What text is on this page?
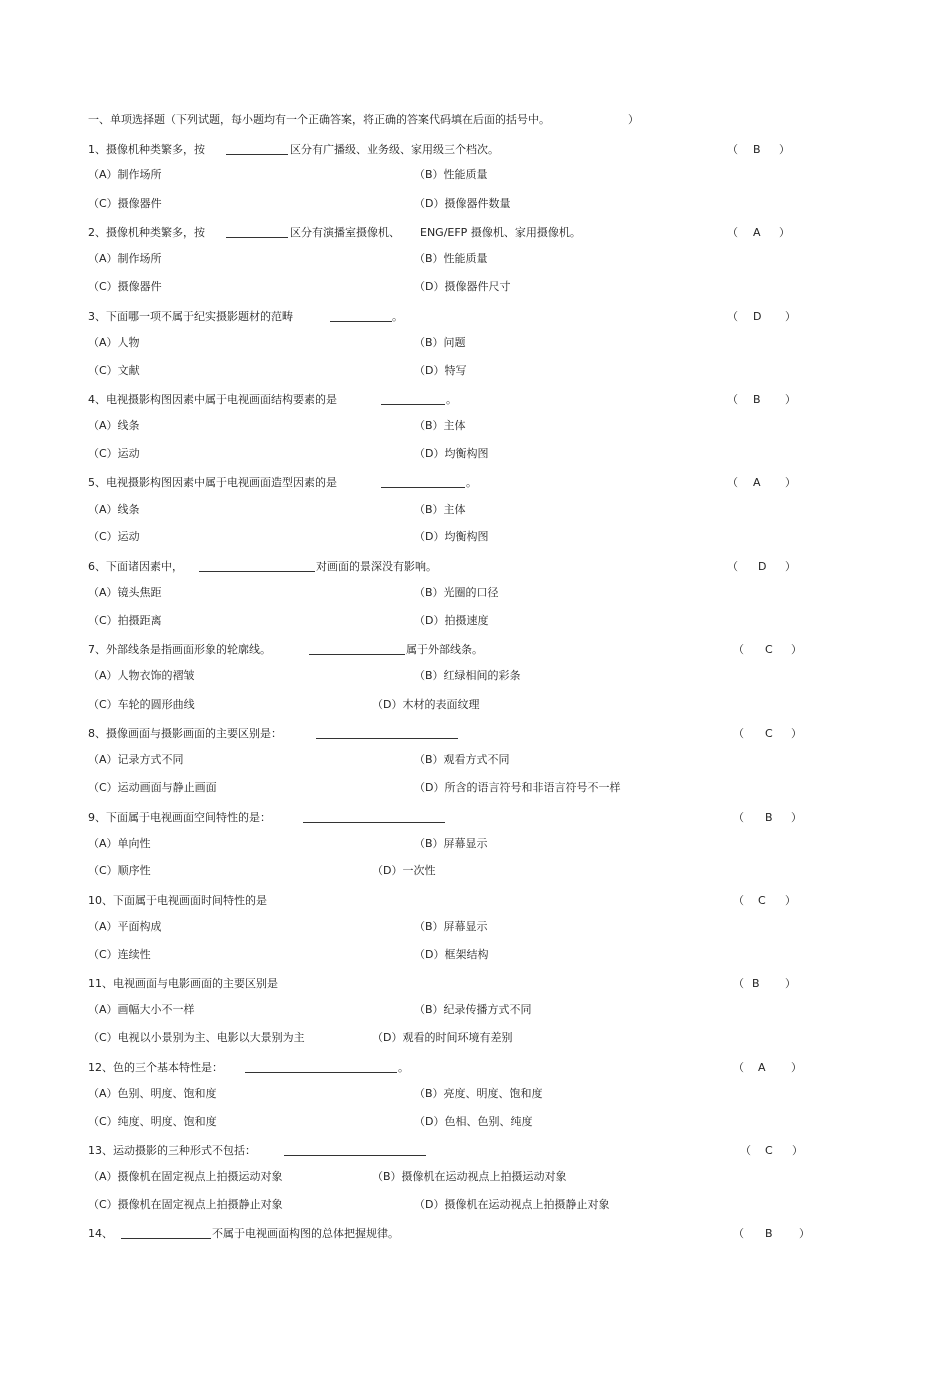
一、单项选择题（下列试题，每小题均有一个正确答案，将正确的答案代码填在后面的括号中。	）
1、摄像机种类繁多，按	区分有广播级、业务级、家用级三个档次。	（ B ）
（A）制作场所	（B）性能质量
（C）摄像器件	（D）摄像器件数量
2、摄像机种类繁多，按	区分有演播室摄像机、 ENG/EFP 摄像机、家用摄像机。	（ A ）
（A）制作场所	（B）性能质量
（C）摄像器件	（D）摄像器件尺寸
3、下面哪一项不属于纪实摄影题材的范畴	。	（ D ）
（A）人物	（B）问题
（C）文献	（D）特写
4、电视摄影构图因素中属于电视画面结构要素的是	。	（ B ）
（A）线条	（B）主体
（C）运动	（D）均衡构图
5、电视摄影构图因素中属于电视画面造型因素的是	。	（ A ）
（A）线条	（B）主体
（C）运动	（D）均衡构图
6、下面诸因素中，	对画面的景深没有影响。	（ D ）
（A）镜头焦距	（B）光圈的口径
（C）拍摄距离	（D）拍摄速度
7、外部线条是指画面形象的轮廓线。	属于外部线条。	（ C ）
（A）人物衣饰的褶皱	（B）红绿相间的彩条
（C）车轮的圆形曲线	（D）木材的表面纹理
8、摄像画面与摄影画面的主要区别是：	（ C ）
（A）记录方式不同	（B）观看方式不同
（C）运动画面与静止画面	（D）所含的语言符号和非语言符号不一样
9、下面属于电视画面空间特性的是：	（ B ）
（A）单向性	（B）屏幕显示
（C）顺序性	（D）一次性
10、下面属于电视画面时间特性的是	（ C ）
（A）平面构成	（B）屏幕显示
（C）连续性	（D）框架结构
11、电视画面与电影画面的主要区别是	（ B ）
（A）画幅大小不一样	（B）纪录传播方式不同
（C）电视以小景别为主、电影以大景别为主	（D）观看的时间环境有差别
12、色的三个基本特性是：	。	（ A ）
（A）色别、明度、饱和度	（B）亮度、明度、饱和度
（C）纯度、明度、饱和度	（D）色相、色别、纯度
13、运动摄影的三种形式不包括：	（ C ）
（A）摄像机在固定视点上拍摄运动对象	（B）摄像机在运动视点上拍摄运动对象
（C）摄像机在固定视点上拍摄静止对象	（D）摄像机在运动视点上拍摄静止对象
14、	不属于电视画面构图的总体把握规律。	（ B ）
